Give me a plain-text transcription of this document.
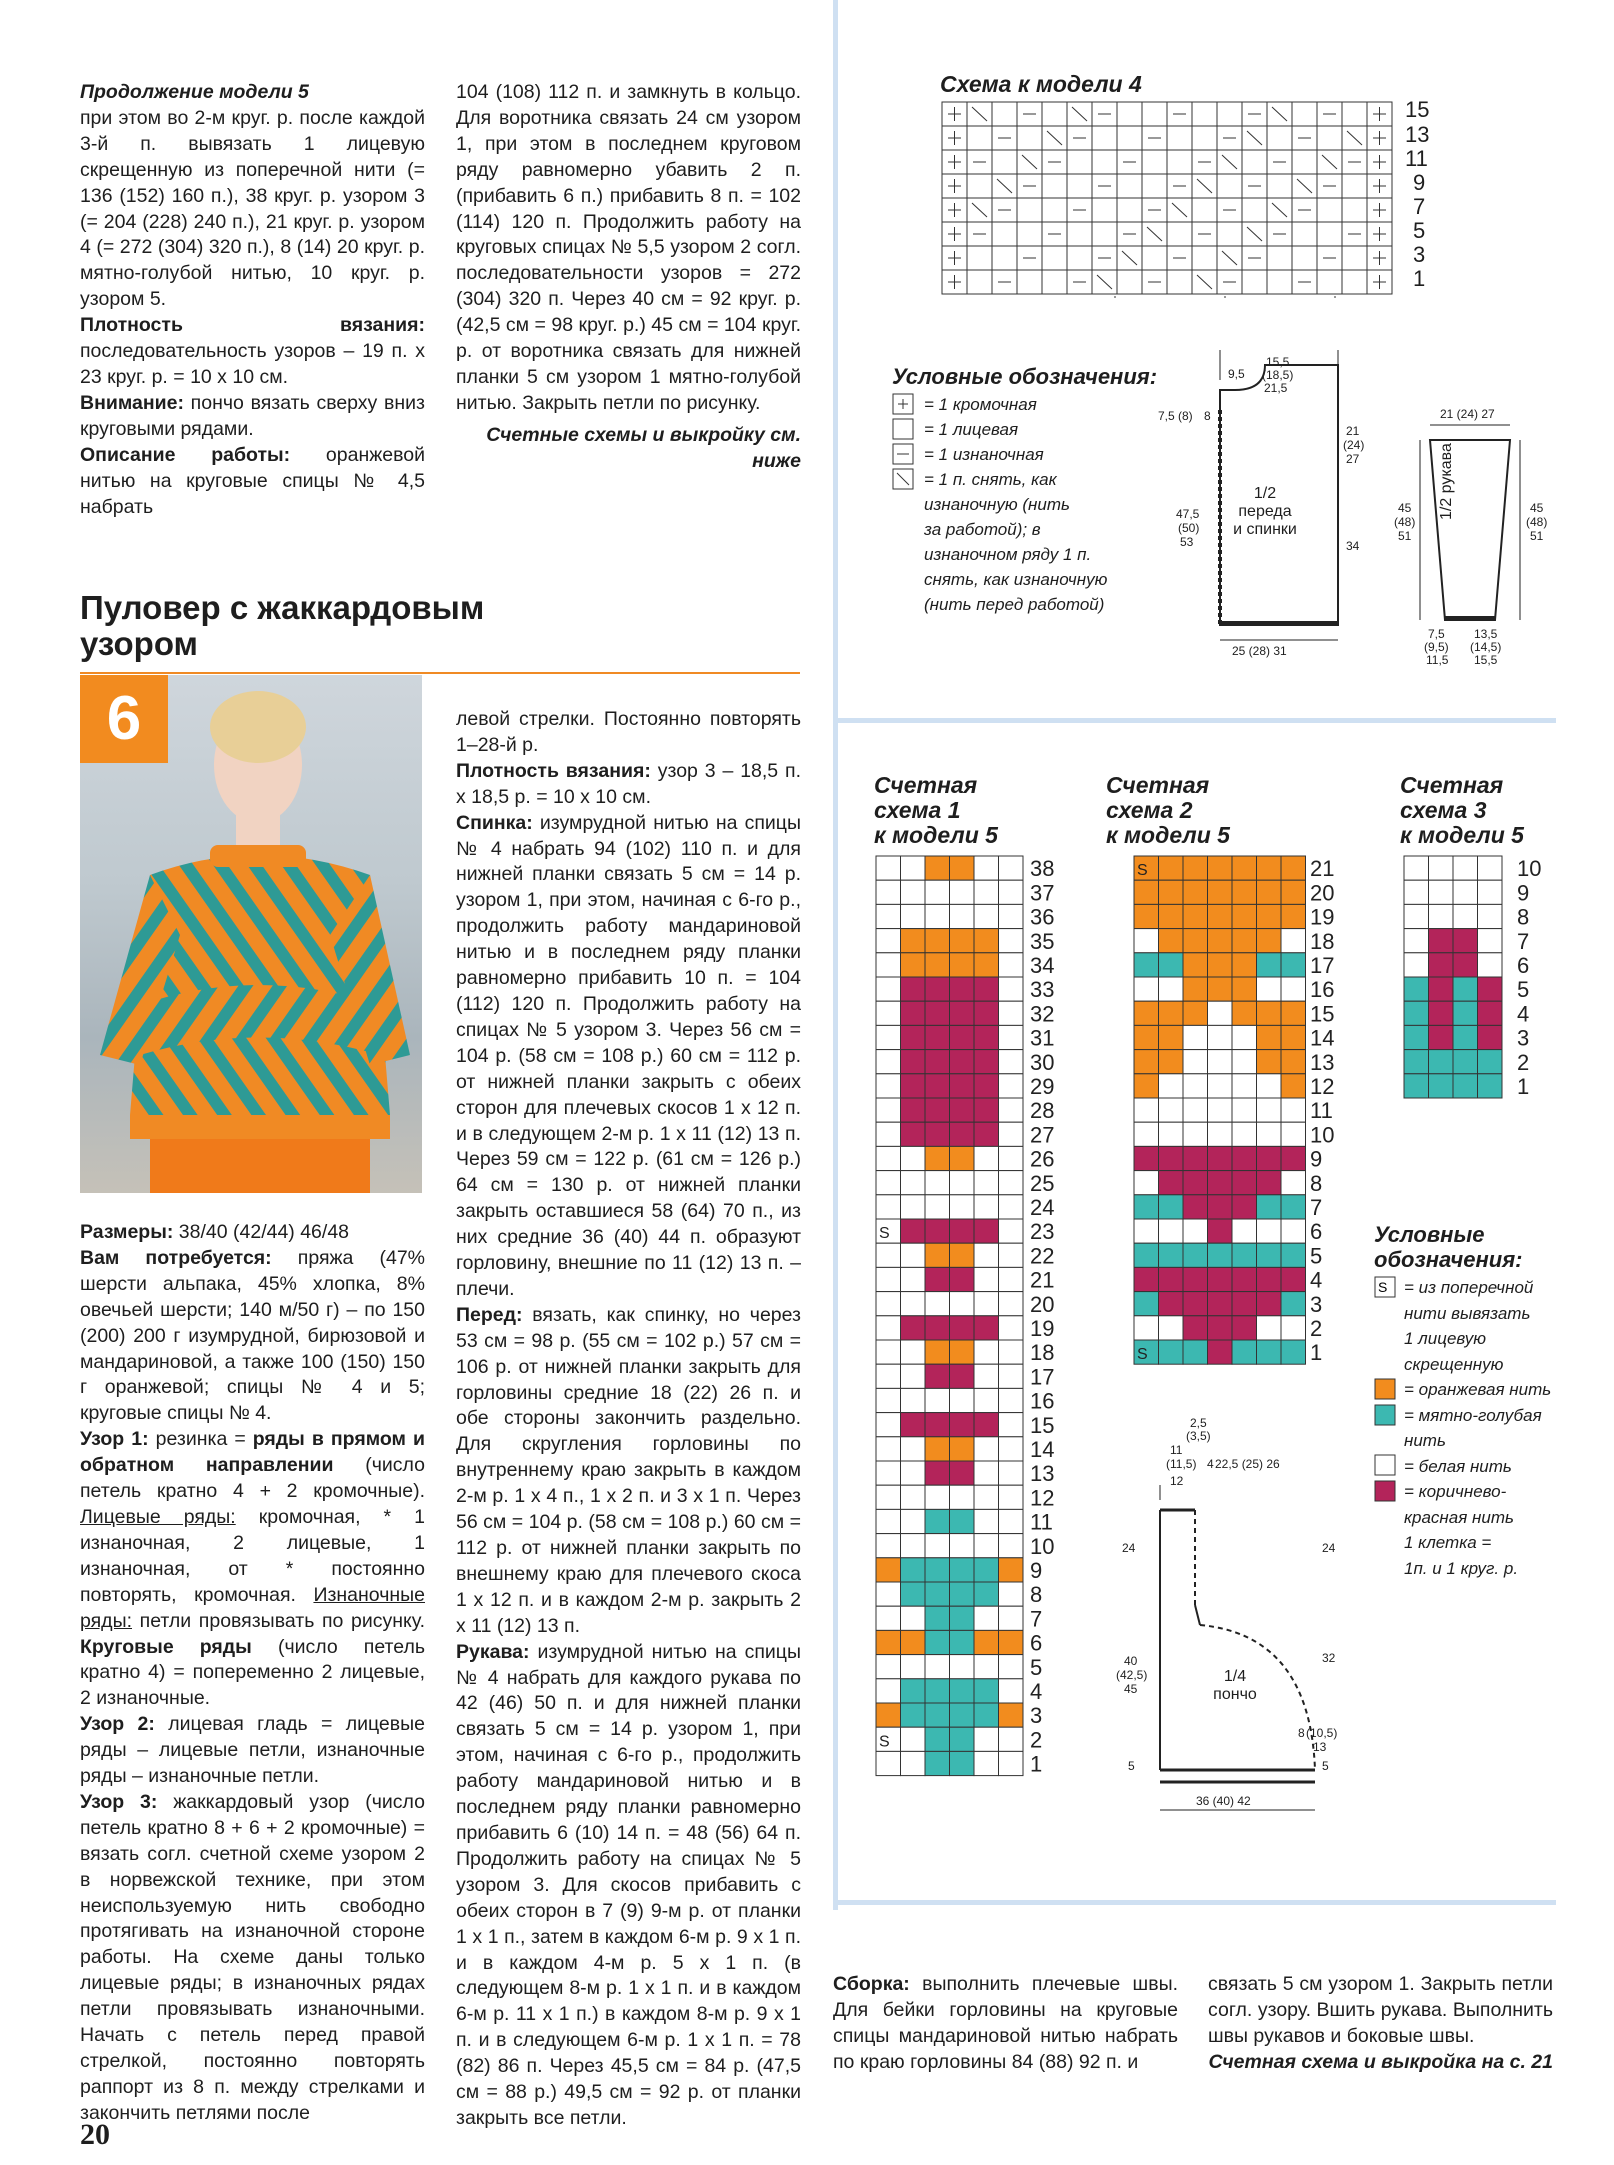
Продолжение модели 5

при этом во 2-м круг. р. после каждой 3-й п. вывязать 1 лицевую скрещенную из поперечной нити (= 136 (152) 160 п.), 38 круг. р. узором 3 (= 204 (228) 240 п.), 21 круг. р. узором 4 (= 272 (304) 320 п.), 8 (14) 20 круг. р. мятно-голубой нитью, 10 круг. р. узором 5.

Плотность вязания: последовательность узоров – 19 п. х 23 круг. р. = 10 х 10 см.

Внимание: пончо вязать сверху вниз круговыми рядами.

Описание работы: оранжевой нитью на круговые спицы № 4,5 набрать

104 (108) 112 п. и замкнуть в кольцо. Для воротника связать 24 см узором 1, при этом в последнем круговом ряду равномерно убавить 2 п. (прибавить 6 п.) прибавить 8 п. = 102 (114) 120 п. Продолжить работу на круговых спицах № 5,5 узором 2 согл. последовательности узоров = 272 (304) 320 п. Через 40 см = 92 круг. р. (42,5 см = 98 круг. р.) 45 см = 104 круг. р. от воротника связать для нижней планки 5 см узором 1 мятно-голубой нитью. Закрыть петли по рисунку.

Счетные схемы и выкройку см. ниже

Пуловер с жаккардовым
узором
6

Размеры: 38/40 (42/44) 46/48

Вам потребуется: пряжа (47% шерсти альпака, 45% хлопка, 8% овечьей шерсти; 140 м/50 г) – по 150 (200) 200 г изумрудной, бирюзовой и мандариновой, а также 100 (150) 150 г оранжевой; спицы № 4 и 5; круговые спицы № 4.

Узор 1: резинка = ряды в прямом и обратном направлении (число петель кратно 4 + 2 кромочные). Лицевые ряды: кромочная, * 1 изнаночная, 2 лицевые, 1 изнаночная, от * постоянно повторять, кромочная. Изнаночные ряды: петли провязывать по рисунку. Круговые ряды (число петель кратно 4) = попеременно 2 лицевые, 2 изнаночные.

Узор 2: лицевая гладь = лицевые ряды – лицевые петли, изнаночные ряды – изнаночные петли.

Узор 3: жаккардовый узор (число петель кратно 8 + 6 + 2 кромочные) = вязать согл. счетной схеме узором 2 в норвежской технике, при этом неиспользуемую нить свободно протягивать на изнаночной стороне работы. На схеме даны только лицевые ряды; в изнаночных рядах петли провязывать изнаночными. Начать с петель перед правой стрелкой, постоянно повторять раппорт из 8 п. между стрелками и закончить петлями после

левой стрелки. Постоянно повторять 1–28-й р.

Плотность вязания: узор 3 – 18,5 п. х 18,5 р. = 10 х 10 см.

Спинка: изумрудной нитью на спицы № 4 набрать 94 (102) 110 п. и для нижней планки связать 5 см = 14 р. узором 1, при этом, начиная с 6-го р., продолжить работу мандариновой нитью и в последнем ряду планки равномерно прибавить 10 п. = 104 (112) 120 п. Продолжить работу на спицах № 5 узором 3. Через 56 см = 104 р. (58 см = 108 р.) 60 см = 112 р. от нижней планки закрыть с обеих сторон для плечевых скосов 1 х 12 п. и в следующем 2-м р. 1 х 11 (12) 13 п. Через 59 см = 122 р. (61 см = 126 р.) 64 см = 130 р. от нижней планки закрыть оставшиеся 58 (64) 70 п., из них средние 36 (40) 44 п. образуют горловину, внешние по 11 (12) 13 п. – плечи.

Перед: вязать, как спинку, но через 53 см = 98 р. (55 см = 102 р.) 57 см = 106 р. от нижней планки закрыть для горловины средние 18 (22) 26 п. и обе стороны закончить раздельно. Для скругления горловины по внутреннему краю закрыть в каждом 2-м р. 1 х 4 п., 1 х 2 п. и 3 х 1 п. Через 56 см = 104 р. (58 см = 108 р.) 60 см = 112 р. от нижней планки закрыть по внешнему краю для плечевого скоса 1 х 12 п. и в каждом 2-м р. закрыть 2 х 11 (12) 13 п.

Рукава: изумрудной нитью на спицы № 4 набрать для каждого рукава по 42 (46) 50 п. и для нижней планки связать 5 см = 14 р. узором 1, при этом, начиная с 6-го р., продолжить работу мандариновой нитью и в последнем ряду планки равномерно прибавить 6 (10) 14 п. = 48 (56) 64 п. Продолжить работу на спицах № 5 узором 3. Для скосов прибавить с обеих сторон в 7 (9) 9-м р. от планки 1 х 1 п., затем в каждом 6-м р. 9 х 1 п. и в каждом 4-м р. 5 х 1 п. (в следующем 8-м р. 1 х 1 п. и в каждом 6-м р. 11 х 1 п.) в каждом 8-м р. 9 х 1 п. и в следующем 6-м р. 1 х 1 п. = 78 (82) 86 п. Через 45,5 см = 84 р. (47,5 см = 88 р.) 49,5 см = 92 р. от планки закрыть все петли.

Сборка: выполнить плечевые швы. Для бейки горловины на круговые спицы мандариновой нитью набрать по краю горловины 84 (88) 92 п. и

связать 5 см узором 1. Закрыть петли согл. узору. Вшить рукава. Выполнить швы рукавов и боковые швы.

Счетная схема и выкройка на с. 21

20
Схема к модели 4
15
13
11
9
7
5
3
1
Условные обозначения:
= 1 кромочная
= 1 лицевая
= 1 изнаночная
= 1 п. снять, как
изнаночную (нить
за работой); в
изнаночном ряду 1 п.
снять, как изнаночную
(нить перед работой)
15,5
(18,5)
21,5
9,5
7,5 (8) 8
21
(24)
27
47,5
(50)
53	34
25 (28) 31
1/2
переда
и спинки
1/2 рукава
21 (24) 27
45
(48)
51
45
(48)
51
7,5
(9,5)
11,5
13,5
(14,5)
15,5
Счетная
схема 1
к модели 5
Счетная
схема 2
к модели 5
Счетная
схема 3
к модели 5
S
S
38
37
36
35
34
33
32
31
30
29
28
27
26
25
24
23
22
21
20
19
18
17
16
15
14
13
12
11
10
9
8
7
6
5
4
3
2
1
S
S
21
20
19
18
17
16
15
14
13
12
11
10
9
8
7
6
5
4
3
2
1
10
9
8
7
6
5
4
3
2
1
Условные
обозначения:
S = из поперечной
нити вывязать
1 лицевую
скрещенную
= оранжевая нить
= мятно-голубая
нить
= белая нить
= коричнево-
красная нить
1 клетка =
1п. и 1 круг. р.
2,5
(3,5)
11
(11,5) 4 22,5 (25) 26
12
24	24
40
(42,5)
45
32
8 (10,5)
13
5	5
36 (40) 42
1/4
пончо
